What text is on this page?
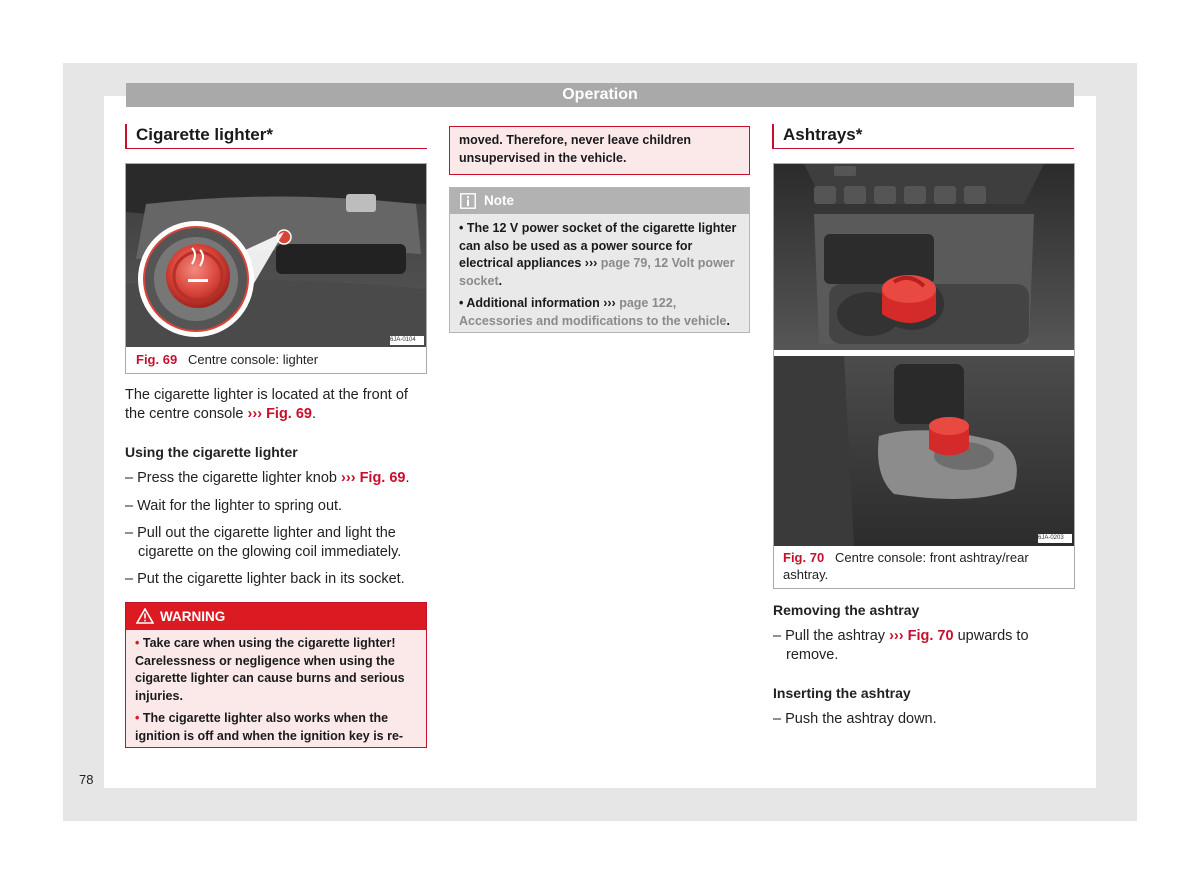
Operation
Cigarette lighter*
Fig. 69 Centre console: lighter
6JA-0104
The cigarette lighter is located at the front of the centre console ››› Fig. 69.
Using the cigarette lighter
– Press the cigarette lighter knob ››› Fig. 69.
– Wait for the lighter to spring out.
– Pull out the cigarette lighter and light the cigarette on the glowing coil immediately.
– Put the cigarette lighter back in its socket.
WARNING
• Take care when using the cigarette lighter! Carelessness or negligence when using the cigarette lighter can cause burns and serious injuries.
• The cigarette lighter also works when the ignition is off and when the ignition key is re-
moved. Therefore, never leave children unsupervised in the vehicle.
Note
• The 12 V power socket of the cigarette lighter can also be used as a power source for electrical appliances ››› page 79, 12 Volt power socket.
• Additional information ››› page 122, Accessories and modifications to the vehicle.
Ashtrays*
Fig. 70 Centre console: front ashtray/rear ashtray.
6JA-0203
Removing the ashtray
– Pull the ashtray ››› Fig. 70 upwards to remove.
Inserting the ashtray
– Push the ashtray down.
78
